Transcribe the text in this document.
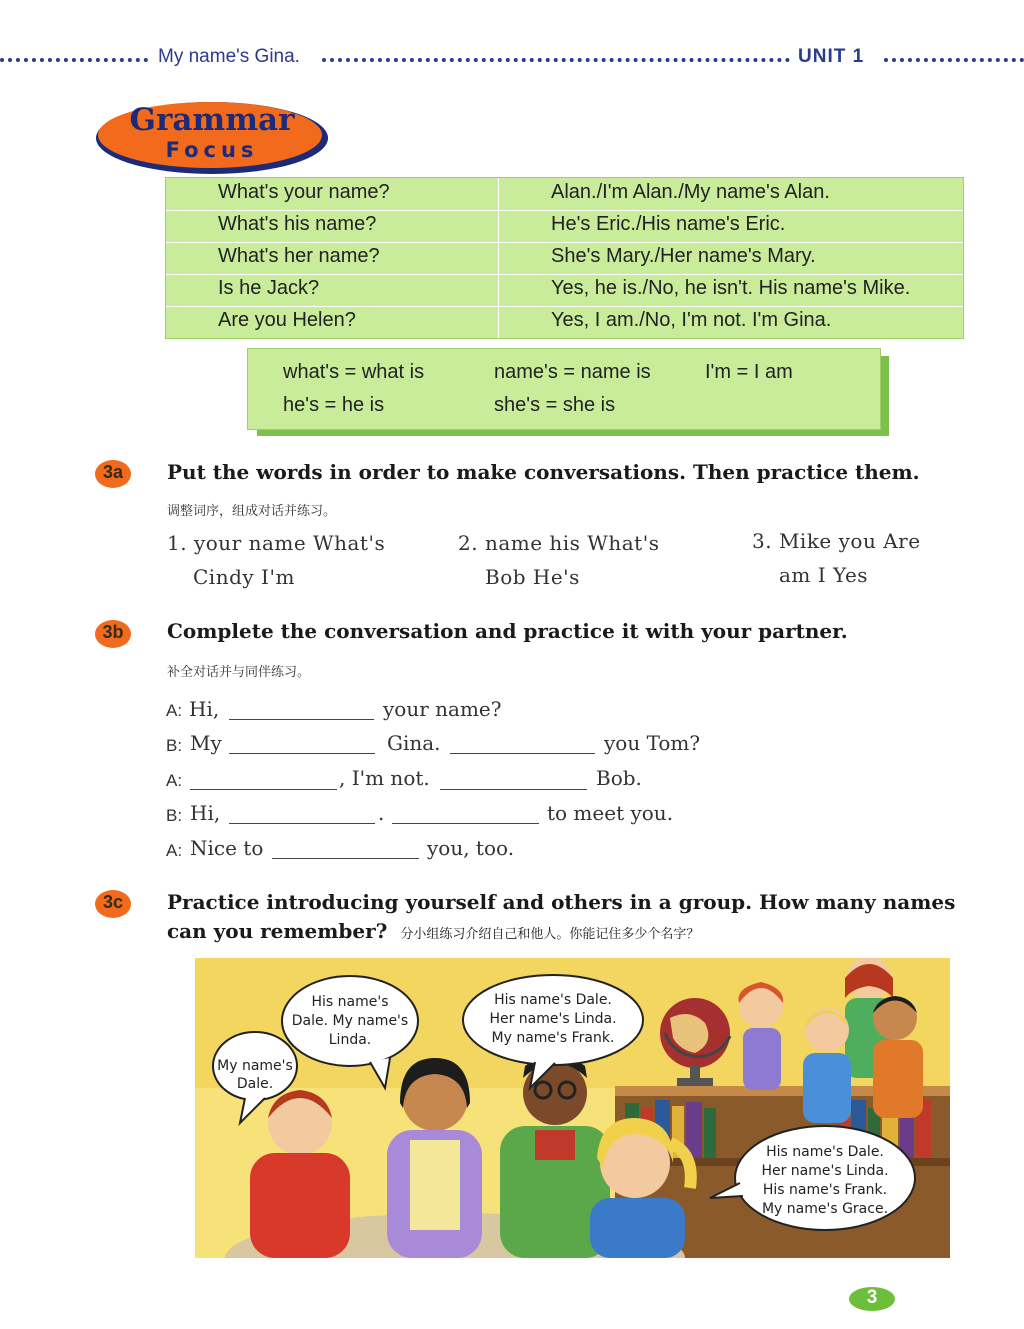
My name's Gina.	UNIT 1
Grammar
Focus
What's your name?	Alan./I'm Alan./My name's Alan.
What's his name?	He's Eric./His name's Eric.
What's her name?	She's Mary./Her name's Mary.
Is he Jack?	Yes, he is./No, he isn't. His name's Mike.
Are you Helen?	Yes, I am./No, I'm not. I'm Gina.
what's = what is	name's = name is	I'm = I am
he's = he is	she's = she is
3a	Put the words in order to make conversations. Then practice them.
调整词序，组成对话并练习。
1. your name What's
Cindy I'm
2. name his What's
Bob He's
3. Mike you Are
am I Yes
3b	Complete the conversation and practice it with your partner.
补全对话并与同伴练习。
A: Hi,	your name?
B: My	Gina.	you Tom?
A:	, I'm not.	Bob.
B: Hi,	.	to meet you.
A: Nice to	you, too.
3c	Practice introducing yourself and others in a group. How many names
can you remember? 分小组练习介绍自己和他人。你能记住多少个名字？
My name's
Dale.
His name's
Dale. My name's
Linda.
His name's Dale.
Her name's Linda.
My name's Frank.
His name's Dale.
Her name's Linda.
His name's Frank.
My name's Grace.
3
